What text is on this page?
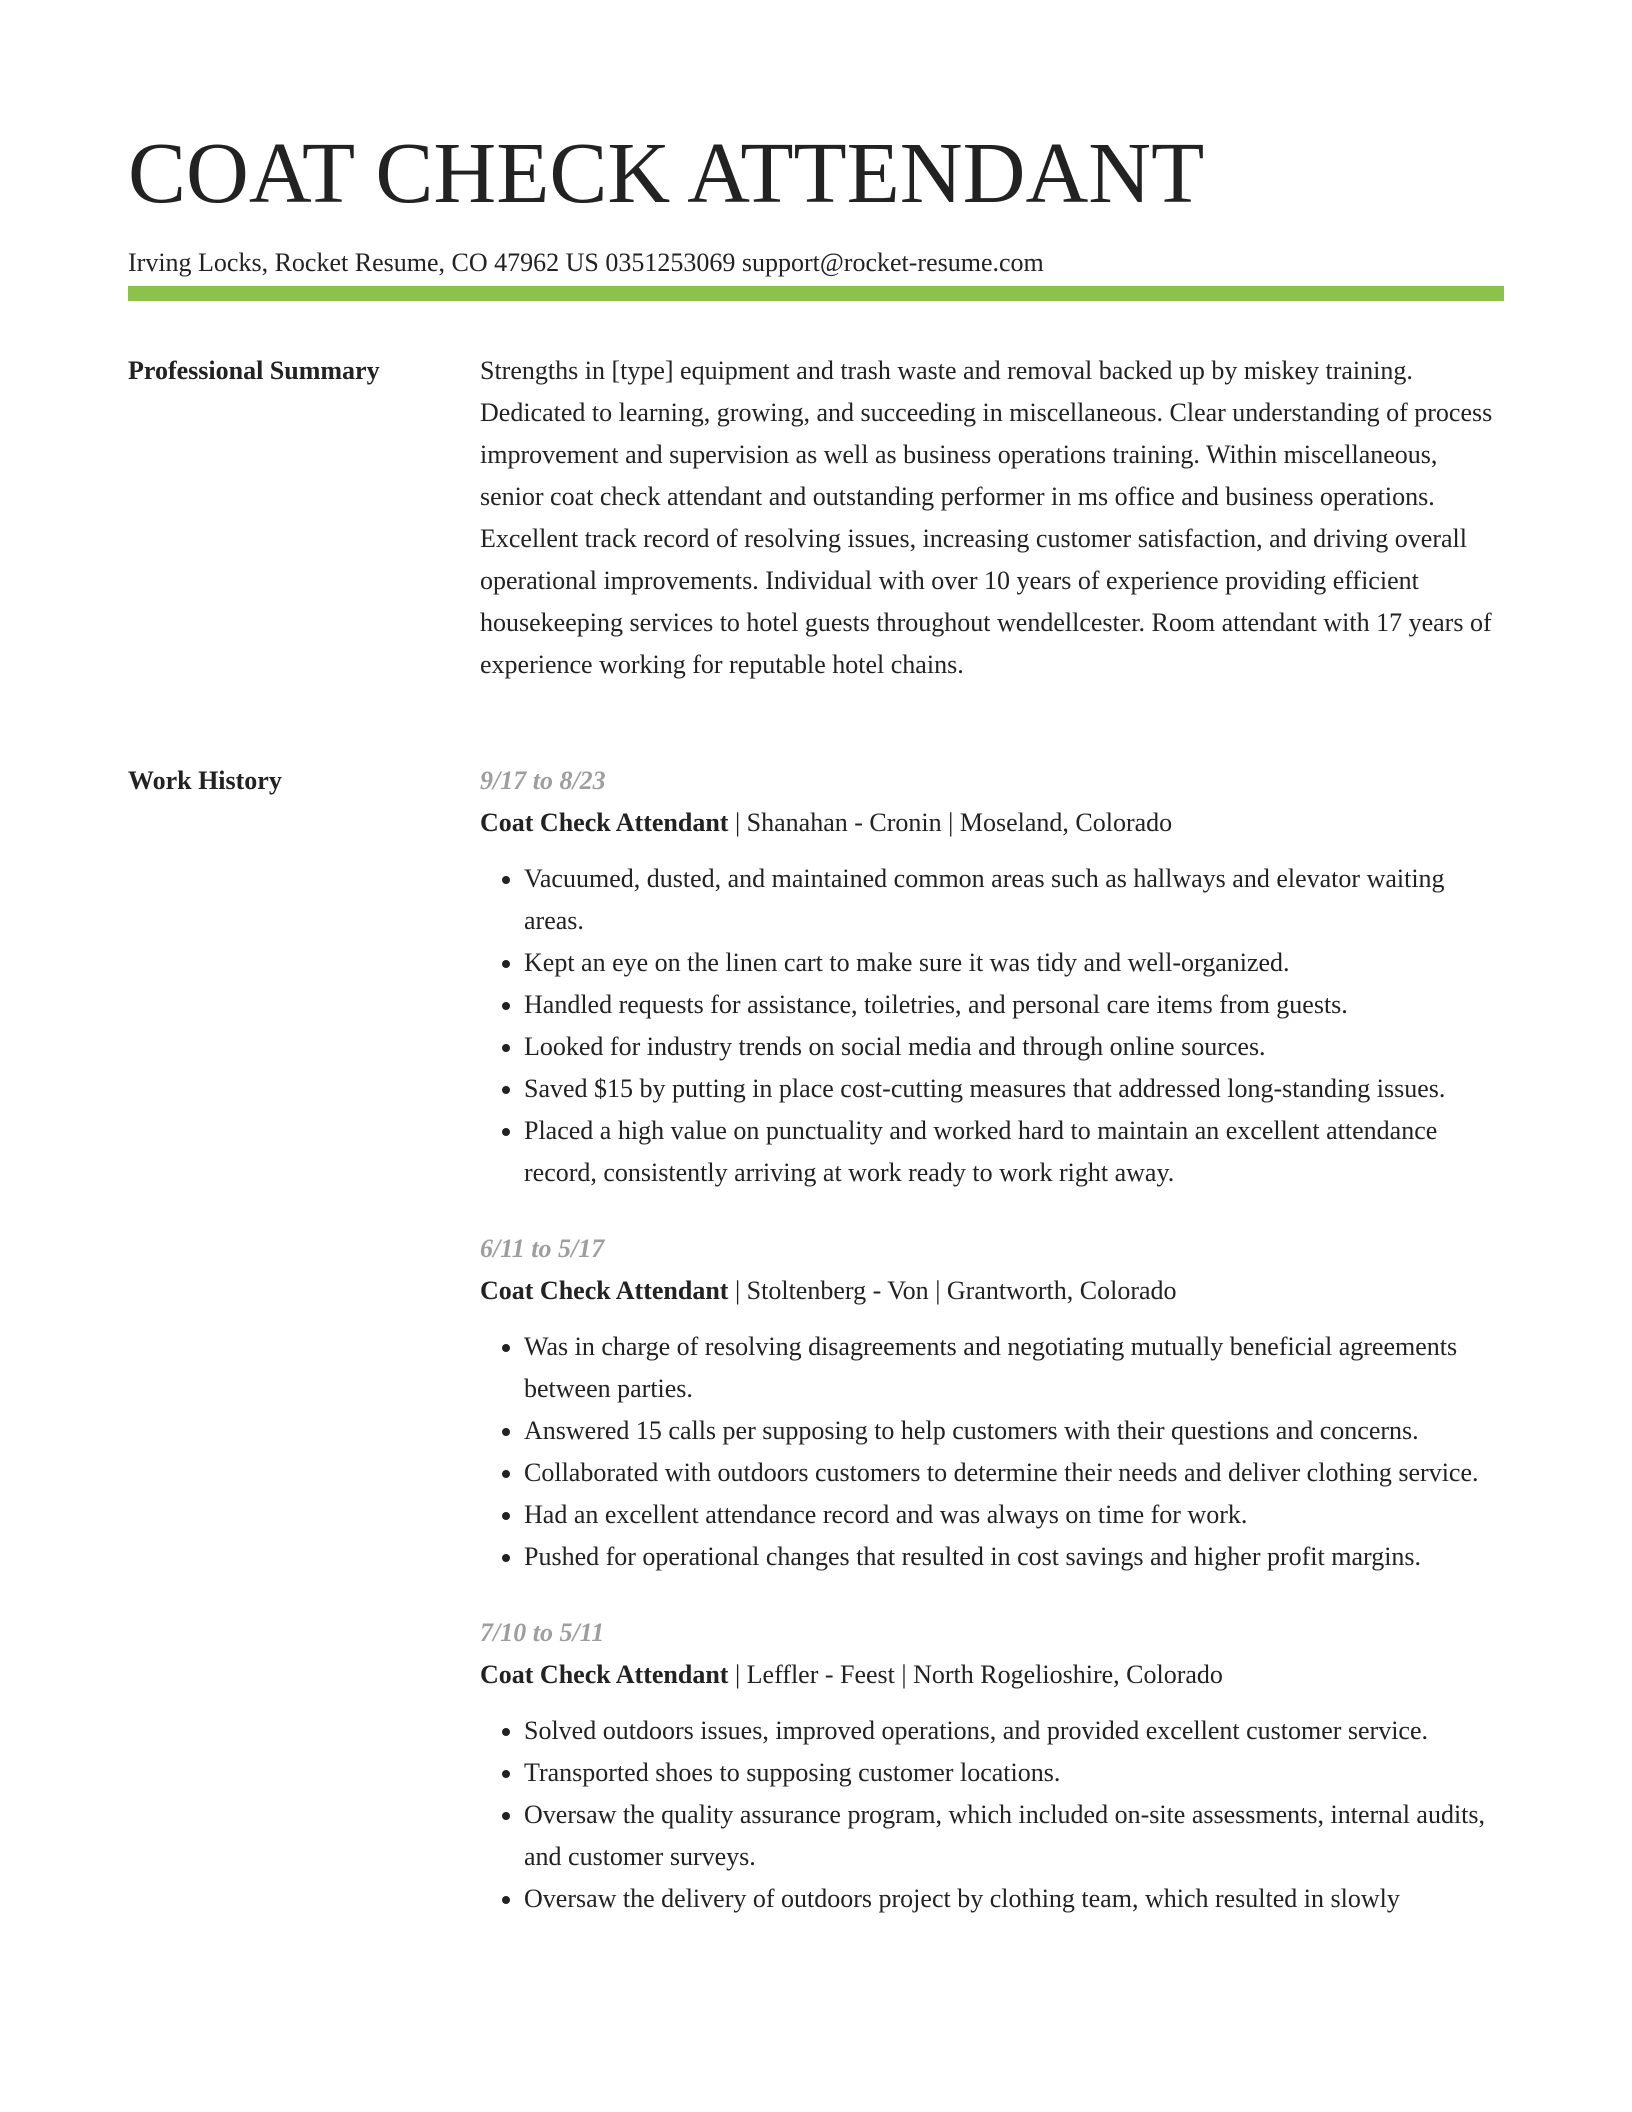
COAT CHECK ATTENDANT
Irving Locks, Rocket Resume, CO 47962 US 0351253069 support@rocket-resume.com
Professional Summary	Strengths in [type] equipment and trash waste and removal backed up by miskey training. Dedicated to learning, growing, and succeeding in miscellaneous. Clear understanding of process improvement and supervision as well as business operations training. Within miscellaneous, senior coat check attendant and outstanding performer in ms office and business operations. Excellent track record of resolving issues, increasing customer satisfaction, and driving overall operational improvements. Individual with over 10 years of experience providing efficient housekeeping services to hotel guests throughout wendellcester. Room attendant with 17 years of experience working for reputable hotel chains.
Work History	9/17 to 8/23
Coat Check Attendant | Shanahan - Cronin | Moseland, Colorado
• Vacuumed, dusted, and maintained common areas such as hallways and elevator waiting areas.
• Kept an eye on the linen cart to make sure it was tidy and well-organized.
• Handled requests for assistance, toiletries, and personal care items from guests.
• Looked for industry trends on social media and through online sources.
• Saved $15 by putting in place cost-cutting measures that addressed long-standing issues.
• Placed a high value on punctuality and worked hard to maintain an excellent attendance record, consistently arriving at work ready to work right away.
6/11 to 5/17
Coat Check Attendant | Stoltenberg - Von | Grantworth, Colorado
• Was in charge of resolving disagreements and negotiating mutually beneficial agreements between parties.
• Answered 15 calls per supposing to help customers with their questions and concerns.
• Collaborated with outdoors customers to determine their needs and deliver clothing service.
• Had an excellent attendance record and was always on time for work.
• Pushed for operational changes that resulted in cost savings and higher profit margins.
7/10 to 5/11
Coat Check Attendant | Leffler - Feest | North Rogelioshire, Colorado
• Solved outdoors issues, improved operations, and provided excellent customer service.
• Transported shoes to supposing customer locations.
• Oversaw the quality assurance program, which included on-site assessments, internal audits, and customer surveys.
• Oversaw the delivery of outdoors project by clothing team, which resulted in slowly
